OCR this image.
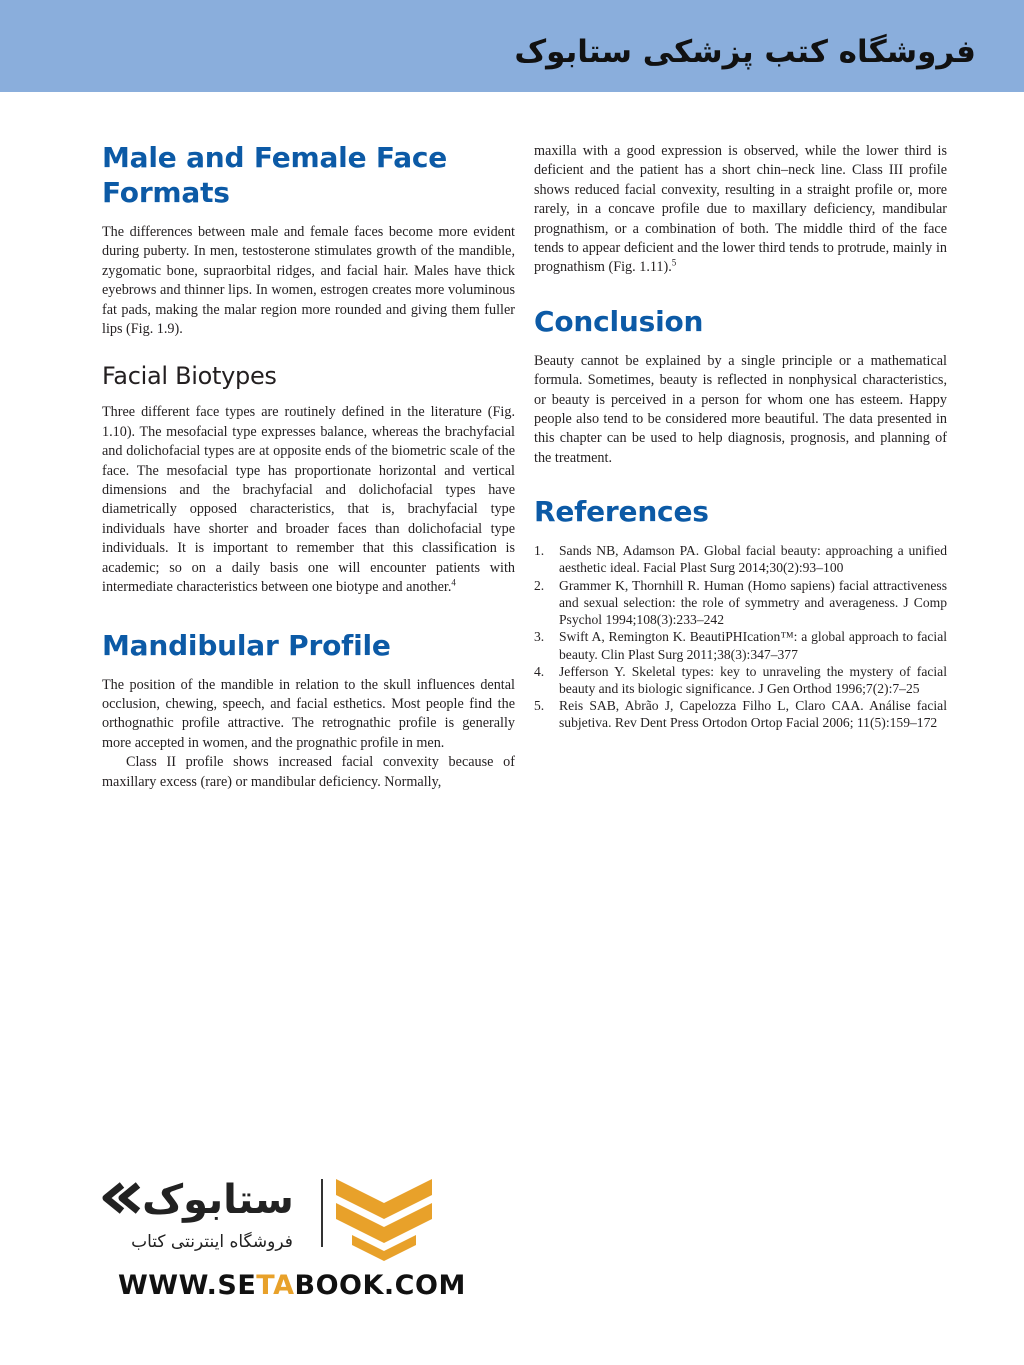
فروشگاه کتب پزشکی ستابوک
Male and Female Face Formats

The differences between male and female faces become more evident during puberty. In men, testosterone stimulates growth of the mandible, zygomatic bone, supraorbital ridges, and facial hair. Males have thick eyebrows and thinner lips. In women, estrogen creates more voluminous fat pads, making the malar region more rounded and giving them fuller lips (Fig. 1.9).

Facial Biotypes

Three different face types are routinely defined in the literature (Fig. 1.10). The mesofacial type expresses balance, whereas the brachyfacial and dolichofacial types are at opposite ends of the biometric scale of the face. The mesofacial type has proportionate horizontal and vertical dimensions and the brachyfacial and dolichofacial types have diametrically opposed characteristics, that is, brachyfacial type individuals have shorter and broader faces than dolichofacial type individuals. It is important to remember that this classification is academic; so on a daily basis one will encounter patients with intermediate characteristics between one biotype and another.$^4$

Mandibular Profile

The position of the mandible in relation to the skull influences dental occlusion, chewing, speech, and facial esthetics. Most people find the orthognathic profile attractive. The retrognathic profile is generally more accepted in women, and the prognathic profile in men.

Class II profile shows increased facial convexity because of maxillary excess (rare) or mandibular deficiency. Normally,

maxilla with a good expression is observed, while the lower third is deficient and the patient has a short chin–neck line. Class III profile shows reduced facial convexity, resulting in a straight profile or, more rarely, in a concave profile due to maxillary deficiency, mandibular prognathism, or a combination of both. The middle third of the face tends to appear deficient and the lower third tends to protrude, mainly in prognathism (Fig. 1.11).$^5$

Conclusion

Beauty cannot be explained by a single principle or a mathematical formula. Sometimes, beauty is reflected in nonphysical characteristics, or beauty is perceived in a person for whom one has esteem. Happy people also tend to be considered more beautiful. The data presented in this chapter can be used to help diagnosis, prognosis, and planning of the treatment.

References
1. Sands NB, Adamson PA. Global facial beauty: approaching a unified aesthetic ideal. Facial Plast Surg 2014;30(2):93–100
2. Grammer K, Thornhill R. Human (Homo sapiens) facial attractiveness and sexual selection: the role of symmetry and averageness. J Comp Psychol 1994;108(3):233–242
3. Swift A, Remington K. BeautiPHIcation™: a global approach to facial beauty. Clin Plast Surg 2011;38(3):347–377
4. Jefferson Y. Skeletal types: key to unraveling the mystery of facial beauty and its biologic significance. J Gen Orthod 1996;7(2):7–25
5. Reis SAB, Abrão J, Capelozza Filho L, Claro CAA. Análise facial subjetiva. Rev Dent Press Ortodon Ortop Facial 2006; 11(5):159–172
ستابوک
فروشگاه اینترنتی کتاب
WWW.SETABOOK.COM
